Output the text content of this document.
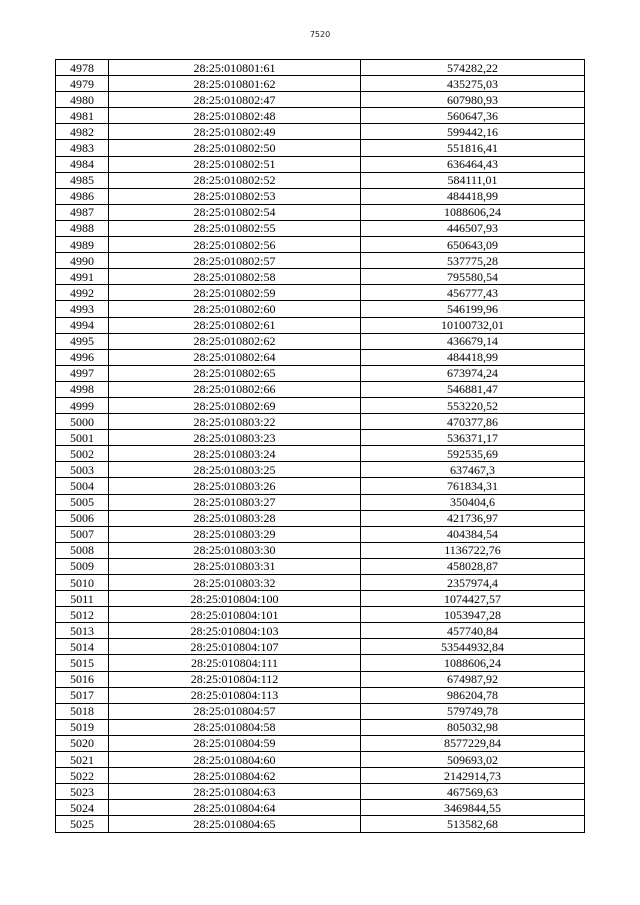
7520
4978	28:25:010801:61	574282,22
4979	28:25:010801:62	435275,03
4980	28:25:010802:47	607980,93
4981	28:25:010802:48	560647,36
4982	28:25:010802:49	599442,16
4983	28:25:010802:50	551816,41
4984	28:25:010802:51	636464,43
4985	28:25:010802:52	584111,01
4986	28:25:010802:53	484418,99
4987	28:25:010802:54	1088606,24
4988	28:25:010802:55	446507,93
4989	28:25:010802:56	650643,09
4990	28:25:010802:57	537775,28
4991	28:25:010802:58	795580,54
4992	28:25:010802:59	456777,43
4993	28:25:010802:60	546199,96
4994	28:25:010802:61	10100732,01
4995	28:25:010802:62	436679,14
4996	28:25:010802:64	484418,99
4997	28:25:010802:65	673974,24
4998	28:25:010802:66	546881,47
4999	28:25:010802:69	553220,52
5000	28:25:010803:22	470377,86
5001	28:25:010803:23	536371,17
5002	28:25:010803:24	592535,69
5003	28:25:010803:25	637467,3
5004	28:25:010803:26	761834,31
5005	28:25:010803:27	350404,6
5006	28:25:010803:28	421736,97
5007	28:25:010803:29	404384,54
5008	28:25:010803:30	1136722,76
5009	28:25:010803:31	458028,87
5010	28:25:010803:32	2357974,4
5011	28:25:010804:100	1074427,57
5012	28:25:010804:101	1053947,28
5013	28:25:010804:103	457740,84
5014	28:25:010804:107	53544932,84
5015	28:25:010804:111	1088606,24
5016	28:25:010804:112	674987,92
5017	28:25:010804:113	986204,78
5018	28:25:010804:57	579749,78
5019	28:25:010804:58	805032,98
5020	28:25:010804:59	8577229,84
5021	28:25:010804:60	509693,02
5022	28:25:010804:62	2142914,73
5023	28:25:010804:63	467569,63
5024	28:25:010804:64	3469844,55
5025	28:25:010804:65	513582,68
